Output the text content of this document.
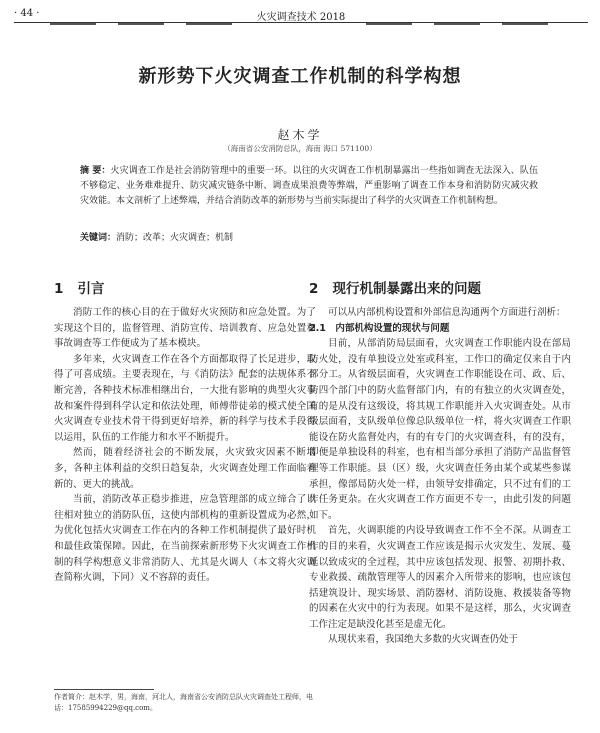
· 44 ·	火灾调查技术 2018
新形势下火灾调查工作机制的科学构想
赵木学
（海南省公安消防总队，海南 海口 571100）
摘 要：火灾调查工作是社会消防管理中的重要一环。以往的火灾调查工作机制暴露出一些指如调查无法深入、队伍不够稳定、业务难难提升、防灾减灾链条中断、调查成果浪费等弊端，严重影响了调查工作本身和消防防灾减灾救灾效能。本文剖析了上述弊端，并结合消防改革的新形势与当前实际提出了科学的火灾调查工作机制构想。
关键词：消防；改革；火灾调查；机制
1 引言	2 现行机制暴露出来的问题

消防工作的核心目的在于做好火灾预防和应急处置。为了实现这个目的，监督管理、消防宣传、培训教育、应急处置和事故调查等工作便成为了基本模块。

多年来，火灾调查工作在各个方面都取得了长足进步，取得了可喜成绩。主要表现在，与《消防法》配套的法规体系不断完善，各种技术标准相继出台，一大批有影响的典型火灾事故和案件得到科学认定和依法处理，师傅带徒弟的模式使全国火灾调查专业技术骨干得到更好培养，新的科学与技术手段得以运用，队伍的工作能力和水平不断提升。

然而，随着经济社会的不断发展，火灾致灾因素不断增多，各种主体利益的交织日趋复杂，火灾调查处理工作面临着新的、更大的挑战。

当前，消防改革正稳步推进，应急管理部的成立缔合了以往相对独立的消防队伍，这使内部机构的重新设置成为必然，为优化包括火灾调查工作在内的各种工作机制提供了最好时机和最佳政策保障。因此，在当前探索新形势下火灾调查工作机制的科学构想意义非常消防人、尤其是火调人（本文将火灾调查简称火调，下同）义不容辞的责任。

可以从内部机构设置和外部信息沟通两个方面进行剖析：

2.1　内部机构设置的现状与问题

目前，从部消防局层面看，火灾调查工作职能内设在部局防火处，没有单独设立处室或科室，工作口的确定仅来自于内部分工。从省级层面看，火灾调查工作职能设在司、政、后、防四个部门中的防火监督部门内，有的有独立的火灾调查处，有的是从没有这级设，将其规工作职能并入火灾调查处。从市级层面看，支队级单位像总队级单位一样，将火灾调查工作职能设在防火监督处内，有的有专门的火灾调查科，有的没有，即便是单独设科的科室，也有相当部分承担了消防产品监督管理等工作职能。县（区）级，火灾调查任务由某个或某些参谋承担，像部局防火处一样，由领导安排确定，只不过有们的工作任务更杂。在火灾调查工作方面更不专一，由此引发的问题如下。

首先，火调职能的内设导致调查工作不全不深。从调查工作的目的来看，火灾调查工作应该是揭示火灾发生、发展、蔓延以致成灾的全过程，其中应该包括发现、报警、初期扑救、专业救援、疏散管理等人的因素介入所带来的影响，也应该包括建筑设计、现实场景、消防器材、消防设施、救援装备等物的因素在火灾中的行为表现。如果不是这样，那么，火灾调查工作注定是缺没化甚至是虚无化。

从现状来看，我国绝大多数的火灾调查仍处于

作者简介：赵木学，男，海南，河北人，海南省公安消防总队火灾调查处工程师，电话：17585994229@qq.com。
